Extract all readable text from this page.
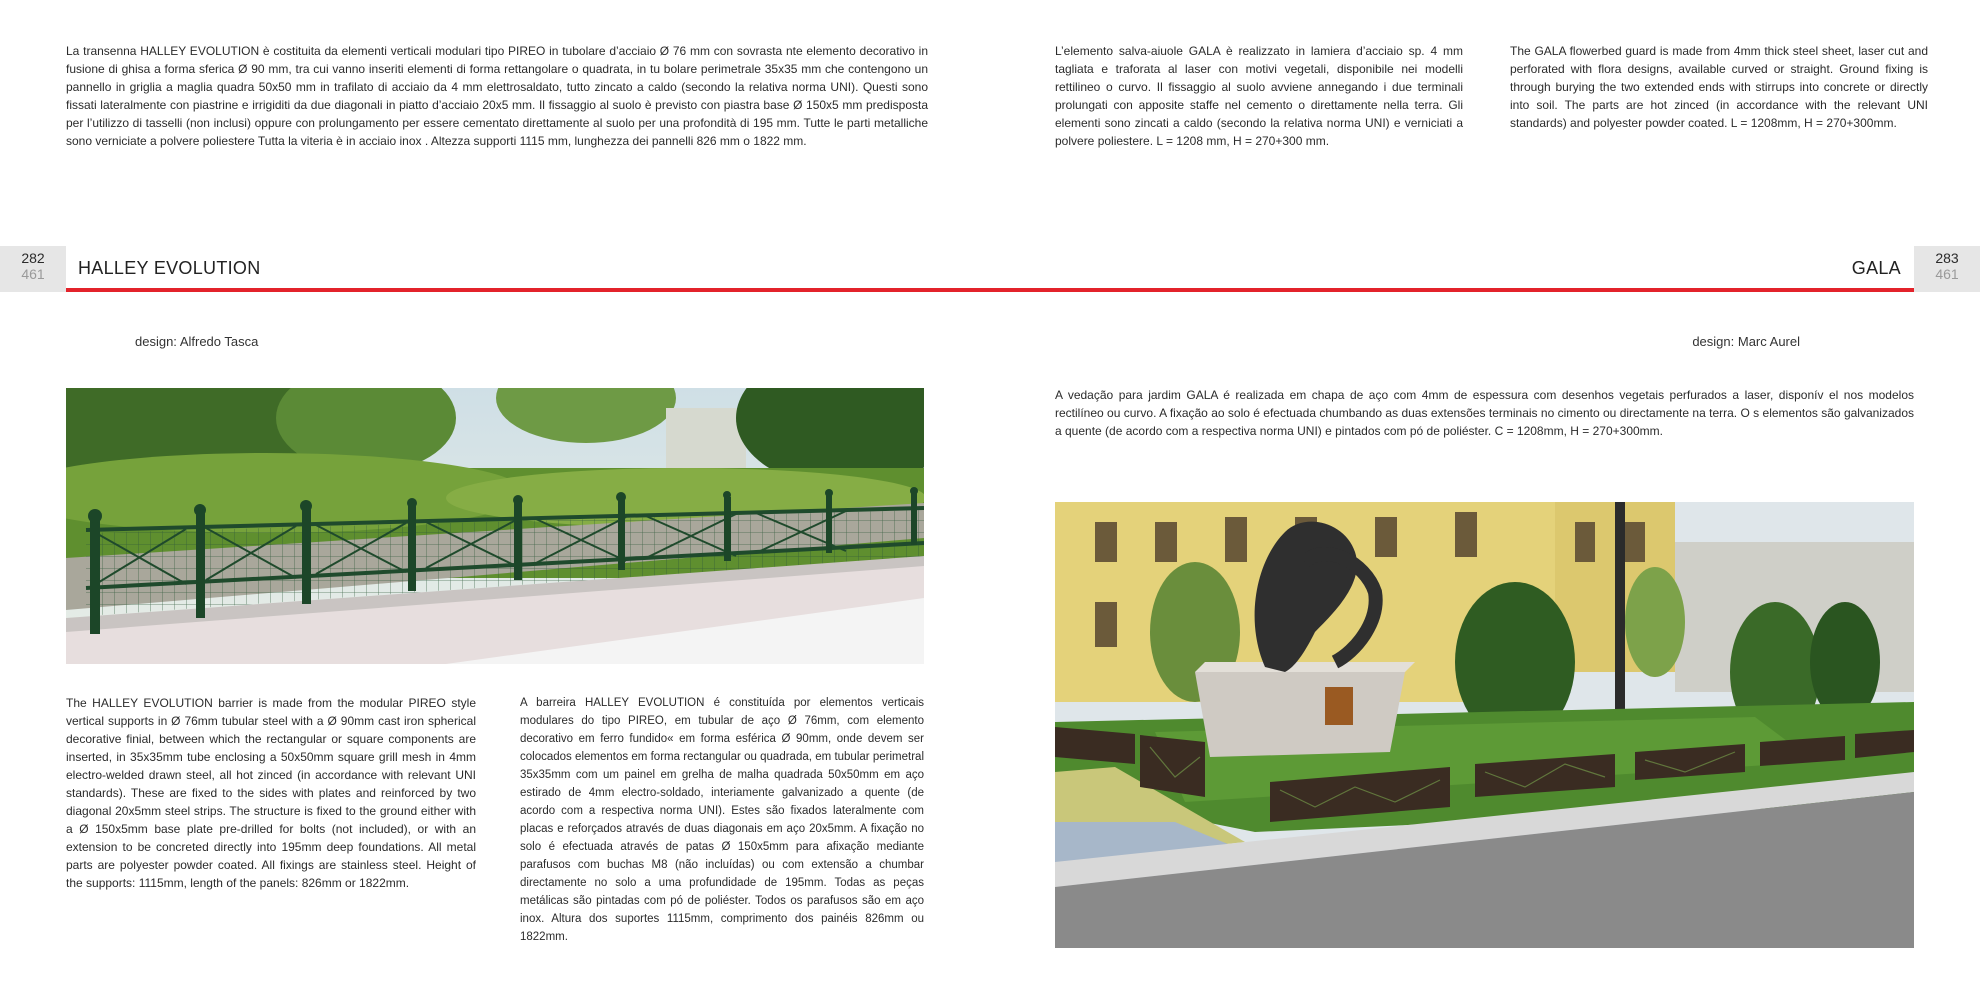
La transenna HALLEY EVOLUTION è costituita da elementi verticali modulari tipo PIREO in tubolare d’acciaio Ø 76 mm con sovrasta nte elemento decorativo in fusione di ghisa a forma sferica Ø 90 mm, tra cui vanno inseriti elementi di forma rettangolare o quadrata, in tu bolare perimetrale 35x35 mm che contengono un pannello in griglia a maglia quadra 50x50 mm in trafilato di acciaio da 4 mm elettrosaldato, tutto zincato a caldo (secondo la relativa norma UNI). Questi sono fissati lateralmente con piastrine e irrigiditi da due diagonali in piatto d’acciaio 20x5 mm. Il fissaggio al suolo è previsto con piastra base Ø 150x5 mm predisposta per l’utilizzo di tasselli (non inclusi) oppure con prolungamento per essere cementato direttamente al suolo per una profondità di 195 mm. Tutte le parti metalliche sono verniciate a polvere poliestere Tutta la viteria è in acciaio inox . Altezza supporti 1115 mm, lunghezza dei pannelli 826 mm o 1822 mm.

282
461	HALLEY EVOLUTION
design: Alfredo Tasca

The HALLEY EVOLUTION barrier is made from the modular PIREO style vertical supports in Ø 76mm tubular steel with a Ø 90mm cast iron spherical decorative finial, between which the rectangular or square components are inserted, in 35x35mm tube enclosing a 50x50mm square grill mesh in 4mm electro-welded drawn steel, all hot zinced (in accordance with relevant UNI standards). These are fixed to the sides with plates and reinforced by two diagonal 20x5mm steel strips. The structure is fixed to the ground either with a Ø 150x5mm base plate pre-drilled for bolts (not included), or with an extension to be concreted directly into 195mm deep foundations. All metal parts are polyester powder coated. All fixings are stainless steel. Height of the supports: 1115mm, length of the panels: 826mm or 1822mm.

A barreira HALLEY EVOLUTION é constituída por elementos verticais modulares do tipo PIREO, em tubular de aço Ø 76mm, com elemento decorativo em ferro fundido« em forma esférica Ø 90mm, onde devem ser colocados elementos em forma rectangular ou quadrada, em tubular perimetral 35x35mm com um painel em grelha de malha quadrada 50x50mm em aço estirado de 4mm electro-soldado, interiamente galvanizado a quente (de acordo com a respectiva norma UNI). Estes são fixados lateralmente com placas e reforçados através de duas diagonais em aço 20x5mm. A fixação no solo é efectuada através de patas Ø 150x5mm para afixação mediante parafusos com buchas M8 (não incluídas) ou com extensão a chumbar directamente no solo a uma profundidade de 195mm. Todas as peças metálicas são pintadas com pó de poliéster. Todos os parafusos são em aço inox. Altura dos suportes 1115mm, comprimento dos painéis 826mm ou 1822mm.

L’elemento salva-aiuole GALA è realizzato in lamiera d’acciaio sp. 4 mm tagliata e traforata al laser con motivi vegetali, disponibile nei modelli rettilineo o curvo. Il fissaggio al suolo avviene annegando i due terminali prolungati con apposite staffe nel cemento o direttamente nella terra. Gli elementi sono zincati a caldo (secondo la relativa norma UNI) e verniciati a polvere poliestere. L = 1208 mm, H = 270+300 mm.

The GALA flowerbed guard is made from 4mm thick steel sheet, laser cut and perforated with flora designs, available curved or straight. Ground fixing is through burying the two extended ends with stirrups into concrete or directly into soil. The parts are hot zinced (in accordance with the relevant UNI standards) and polyester powder coated. L = 1208mm, H = 270+300mm.

283
461
GALA
design: Marc Aurel

A vedação para jardim GALA é realizada em chapa de aço com 4mm de espessura com desenhos vegetais perfurados a laser, disponív el nos modelos rectilíneo ou curvo. A fixação ao solo é efectuada chumbando as duas extensões terminais no cimento ou directamente na terra. O s elementos são galvanizados a quente (de acordo com a respectiva norma UNI) e pintados com pó de poliéster. C = 1208mm, H = 270+300mm.
